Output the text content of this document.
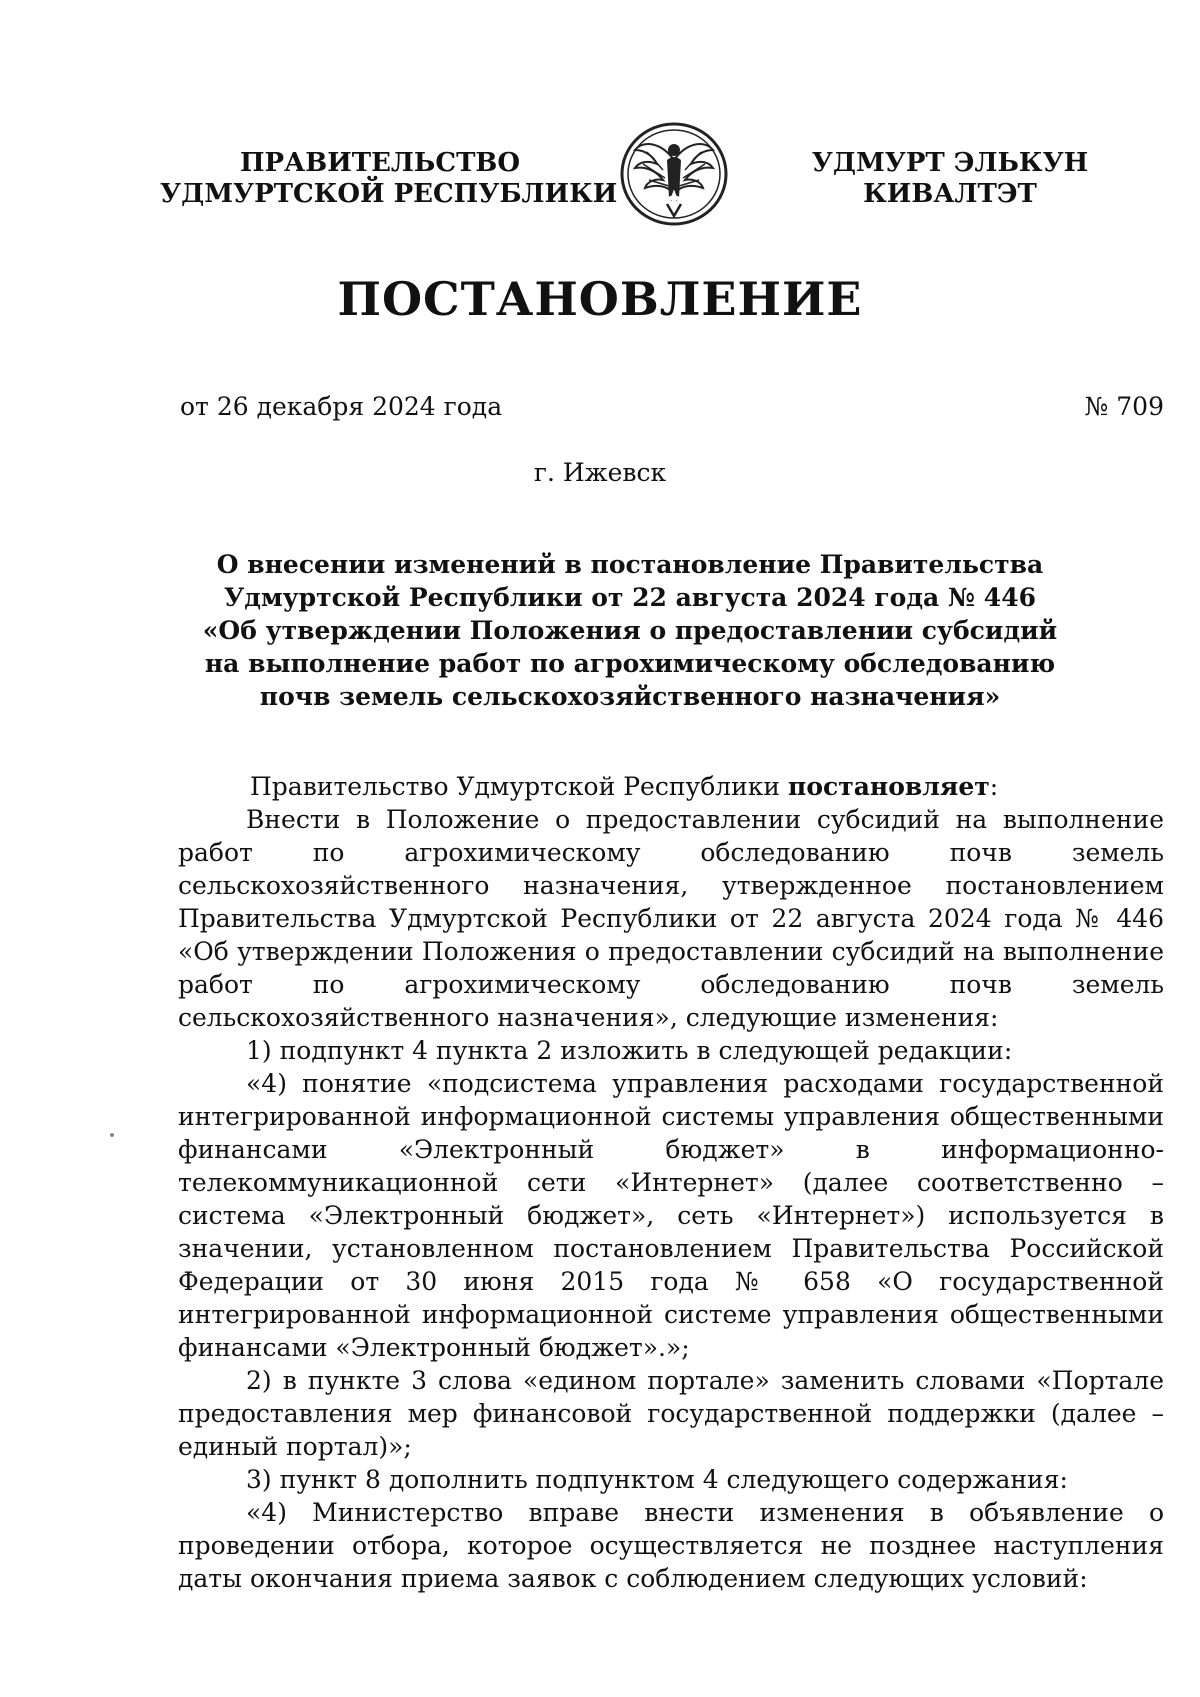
ПРАВИТЕЛЬСТВО
УДМУРТСКОЙ РЕСПУБЛИКИ
УДМУРТ ЭЛЬКУН
КИВАЛТЭТ
ПОСТАНОВЛЕНИЕ
от 26 декабря 2024 года	№ 709
г. Ижевск
О внесении изменений в постановление Правительства
Удмуртской Республики от 22 августа 2024 года № 446
«Об утверждении Положения о предоставлении субсидий
на выполнение работ по агрохимическому обследованию
почв земель сельскохозяйственного назначения»

Правительство Удмуртской Республики постановляет:

Внести в Положение о предоставлении субсидий на выполнение работ по агрохимическому обследованию почв земель сельскохозяйственного назначения, утвержденное постановлением Правительства Удмуртской Республики от 22 августа 2024 года № 446 «Об утверждении Положения о предоставлении субсидий на выполнение работ по агрохимическому обследованию почв земель сельскохозяйственного назначения», следующие изменения:

1) подпункт 4 пункта 2 изложить в следующей редакции:

«4) понятие «подсистема управления расходами государственной интегрированной информационной системы управления общественными финансами «Электронный бюджет» в информационно-телекоммуникационной сети «Интернет» (далее соответственно – система «Электронный бюджет», сеть «Интернет») используется в значении, установленном постановлением Правительства Российской Федерации от 30 июня 2015 года № 658 «О государственной интегрированной информационной системе управления общественными финансами «Электронный бюджет».»;

2) в пункте 3 слова «едином портале» заменить словами «Портале предоставления мер финансовой государственной поддержки (далее – единый портал)»;

3) пункт 8 дополнить подпунктом 4 следующего содержания:

«4) Министерство вправе внести изменения в объявление о проведении отбора, которое осуществляется не позднее наступления даты окончания приема заявок с соблюдением следующих условий:
